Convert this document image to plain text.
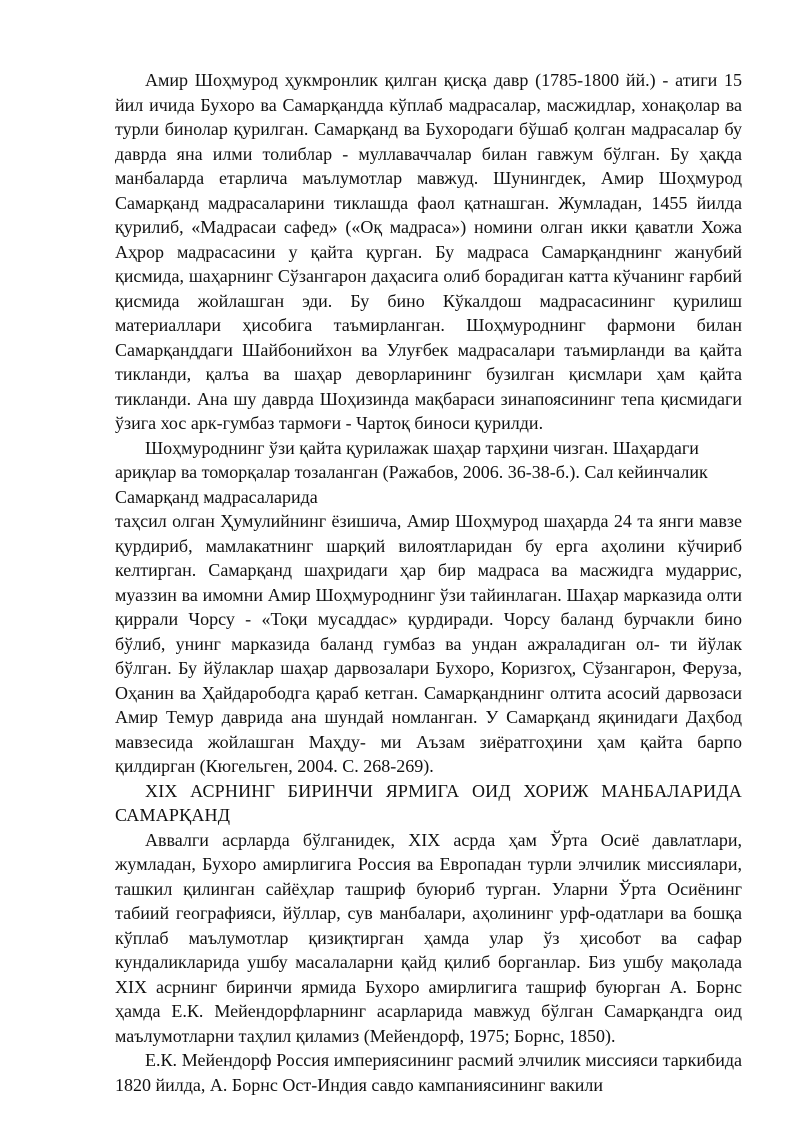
Амир Шоҳмурод ҳукмронлик қилган қисқа давр (1785-1800 йй.) - атиги 15 йил ичида Бухоро ва Самарқандда кўплаб мадрасалар, масжидлар, хонақолар ва турли бинолар қурилган. Самарқанд ва Бухородаги бўшаб қолган мадрасалар бу даврда яна илми толиблар - муллаваччалар билан гавжум бўлган. Бу ҳақда манбаларда етарлича маълумотлар мавжуд. Шунингдек, Амир Шоҳмурод Самарқанд мадрасаларини тиклашда фаол қатнашган. Жумладан, 1455 йилда қурилиб, «Мадрасаи сафед» («Оқ мадраса») номини олган икки қаватли Хожа Аҳрор мадрасасини у қайта қурган. Бу мадраса Самарқанднинг жанубий қисмида, шаҳарнинг Сўзангарон даҳасига олиб борадиган катта кўчанинг ғарбий қисмида жойлашган эди. Бу бино Кўкалдош мадрасасининг қурилиш материаллари ҳисобига таъмирланган. Шоҳмуроднинг фармони билан Самарқанддаги Шайбонийхон ва Улуғбек мадрасалари таъмирланди ва қайта тикланди, қалъа ва шаҳар деворларининг бузилган қисмлари ҳам қайта тикланди. Ана шу даврда Шоҳизинда мақбараси зинапоясининг тепа қисмидаги ўзига хос арк-гумбаз тармоғи - Чартоқ биноси қурилди.

Шоҳмуроднинг ўзи қайта қурилажак шаҳар тарҳини чизган. Шаҳардаги ариқлар ва томорқалар тозаланган (Ражабов, 2006. 36-38-б.). Сал кейинчалик Самарқанд мадрасаларида

таҳсил олган Ҳумулийнинг ёзишича, Амир Шоҳмурод шаҳарда 24 та янги мавзе қурдириб, мамлакатнинг шарқий вилоятларидан бу ерга аҳолини кўчириб келтирган. Самарқанд шаҳридаги ҳар бир мадраса ва масжидга мударрис, муаззин ва имомни Амир Шоҳмуроднинг ўзи тайинлаган. Шаҳар марказида олти қиррали Чорсу - «Тоқи мусаддас» қурдиради. Чорсу баланд бурчакли бино бўлиб, унинг марказида баланд гумбаз ва ундан ажраладиган ол- ти йўлак бўлган. Бу йўлаклар шаҳар дарвозалари Бухоро, Коризгоҳ, Сўзангарон, Феруза, Оҳанин ва Ҳайдарободга қараб кетган. Самарқанднинг олтита асосий дарвозаси Амир Темур даврида ана шундай номланган. У Самарқанд яқинидаги Даҳбод мавзесида жойлашган Маҳду- ми Аъзам зиёратгоҳини ҳам қайта барпо қилдирган (Кюгельген, 2004. С. 268-269).

XIX АСРНИНГ БИРИНЧИ ЯРМИГА ОИД ХОРИЖ МАНБАЛАРИДА САМАРҚАНД

Аввалги асрларда бўлганидек, XIX асрда ҳам Ўрта Осиё давлатлари, жумладан, Бухоро амирлигига Россия ва Европадан турли элчилик миссиялари, ташкил қилинган сайёҳлар ташриф буюриб турган. Уларни Ўрта Осиёнинг табиий географияси, йўллар, сув манбалари, аҳолининг урф-одатлари ва бошқа кўплаб маълумотлар қизиқтирган ҳамда улар ўз ҳисобот ва сафар кундаликларида ушбу масалаларни қайд қилиб борганлар. Биз ушбу мақолада XIX асрнинг биринчи ярмида Бухоро амирлигига ташриф буюрган А. Борнс ҳамда Е.К. Мейендорфларнинг асарларида мавжуд бўлган Самарқандга оид маълумотларни таҳлил қиламиз (Мейендорф, 1975; Борнс, 1850).

Е.К. Мейендорф Россия империясининг расмий элчилик миссияси таркибида 1820 йилда, А. Борнс Ост-Индия савдо кампаниясининг вакили
